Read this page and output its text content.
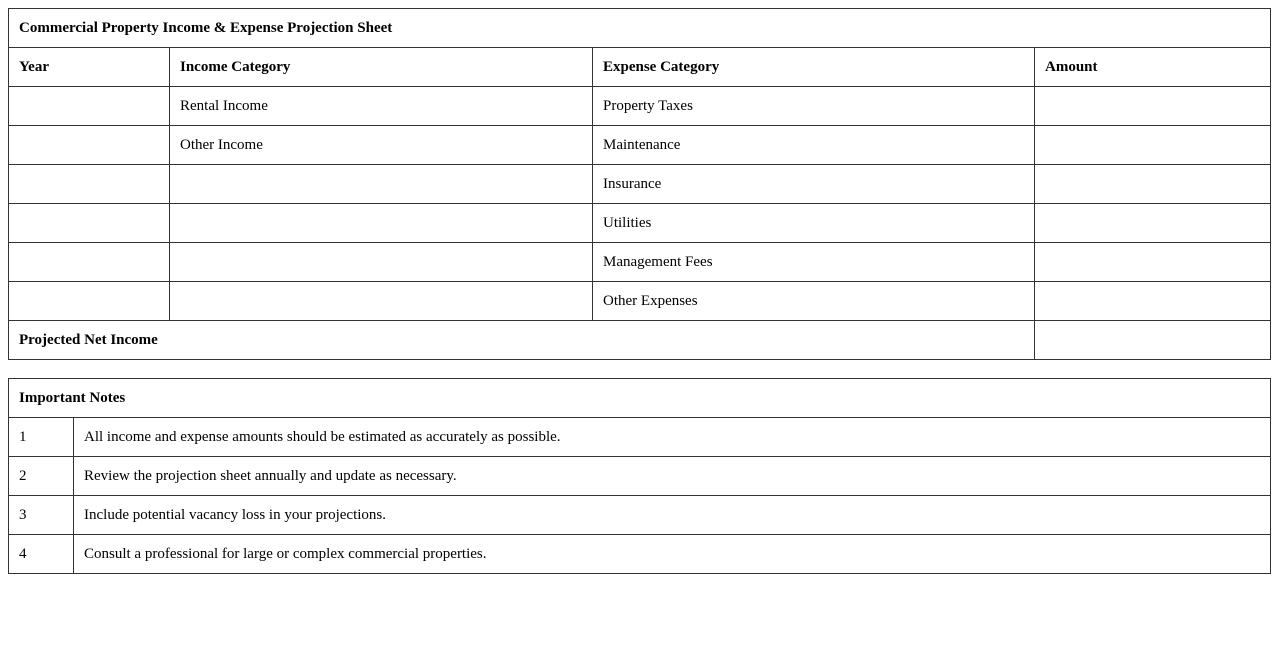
Commercial Property Income & Expense Projection Sheet			
Year	Income Category	Expense Category	Amount
	Rental Income	Property Taxes	
	Other Income	Maintenance	
		Insurance	
		Utilities	
		Management Fees	
		Other Expenses	
Projected Net Income			
Important Notes	
1	All income and expense amounts should be estimated as accurately as possible.
2	Review the projection sheet annually and update as necessary.
3	Include potential vacancy loss in your projections.
4	Consult a professional for large or complex commercial properties.
